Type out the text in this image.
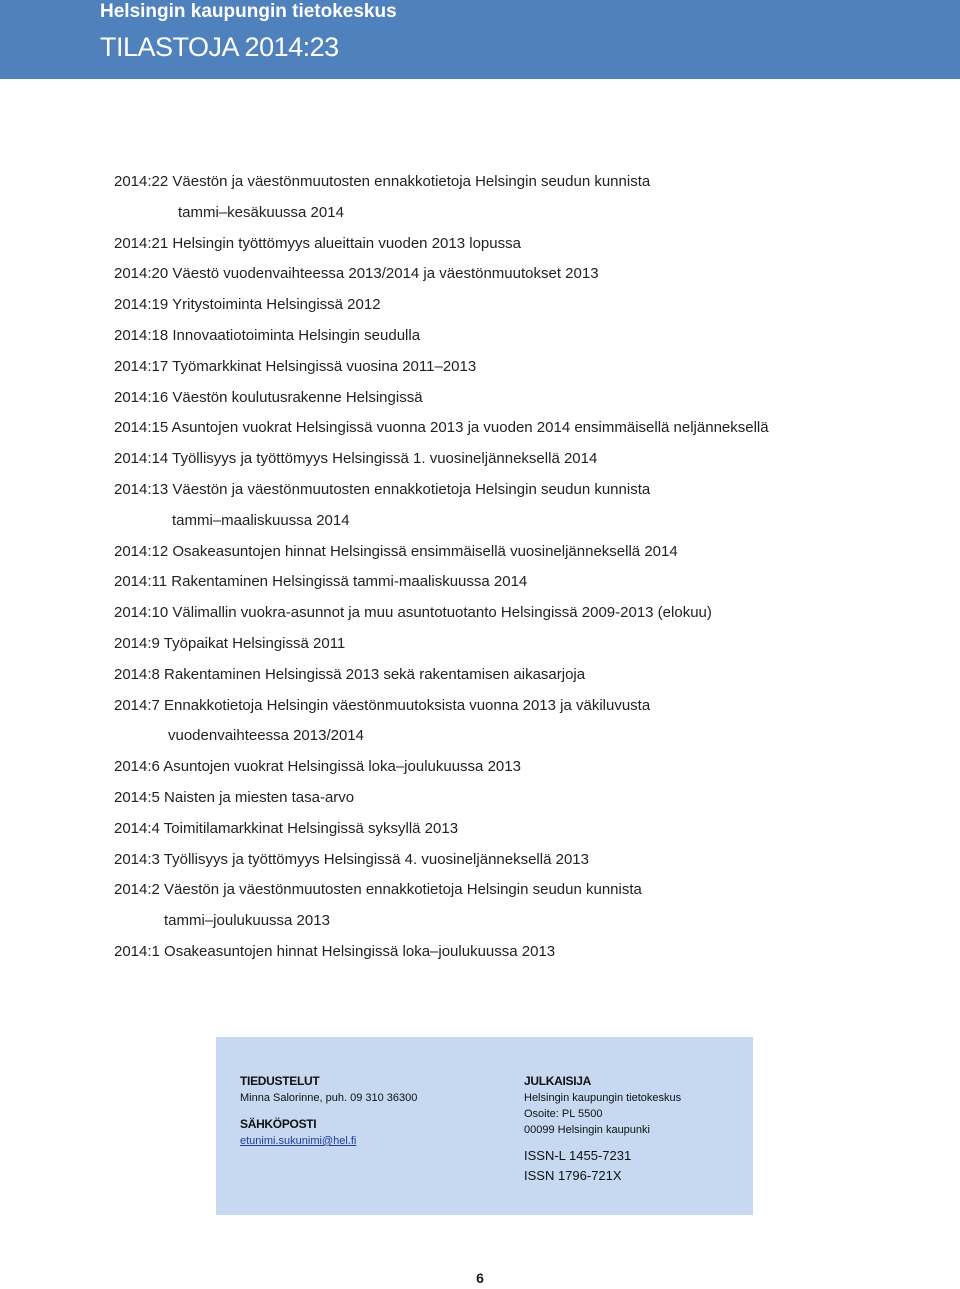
Helsingin kaupungin tietokeskus
TILASTOJA 2014:23
2014:22 Väestön ja väestönmuutosten ennakkotietoja Helsingin seudun kunnista
tammi–kesäkuussa 2014
2014:21 Helsingin työttömyys alueittain vuoden 2013 lopussa
2014:20 Väestö vuodenvaihteessa 2013/2014 ja väestönmuutokset 2013
2014:19 Yritystoiminta Helsingissä 2012
2014:18 Innovaatiotoiminta Helsingin seudulla
2014:17 Työmarkkinat Helsingissä vuosina 2011–2013
2014:16 Väestön koulutusrakenne Helsingissä
2014:15 Asuntojen vuokrat Helsingissä vuonna 2013 ja vuoden 2014 ensimmäisellä neljänneksellä
2014:14 Työllisyys ja työttömyys Helsingissä 1. vuosineljänneksellä 2014
2014:13 Väestön ja väestönmuutosten ennakkotietoja Helsingin seudun kunnista
tammi–maaliskuussa 2014
2014:12 Osakeasuntojen hinnat Helsingissä ensimmäisellä vuosineljänneksellä 2014
2014:11 Rakentaminen Helsingissä tammi-maaliskuussa 2014
2014:10 Välimallin vuokra-asunnot ja muu asuntotuotanto Helsingissä 2009-2013 (elokuu)
2014:9 Työpaikat Helsingissä 2011
2014:8 Rakentaminen Helsingissä 2013 sekä rakentamisen aikasarjoja
2014:7 Ennakkotietoja Helsingin väestönmuutoksista vuonna 2013 ja väkiluvusta
vuodenvaihteessa 2013/2014
2014:6 Asuntojen vuokrat Helsingissä loka–joulukuussa 2013
2014:5 Naisten ja miesten tasa-arvo
2014:4 Toimitilamarkkinat Helsingissä syksyllä 2013
2014:3 Työllisyys ja työttömyys Helsingissä 4. vuosineljänneksellä 2013
2014:2 Väestön ja väestönmuutosten ennakkotietoja Helsingin seudun kunnista
tammi–joulukuussa 2013
2014:1 Osakeasuntojen hinnat Helsingissä loka–joulukuussa 2013
TIEDUSTELUT
Minna Salorinne, puh. 09 310 36300
SÄHKÖPOSTI
etunimi.sukunimi@hel.fi
JULKAISIJA
Helsingin kaupungin tietokeskus
Osoite: PL 5500
00099 Helsingin kaupunki
ISSN-L 1455-7231
ISSN 1796-721X
6
